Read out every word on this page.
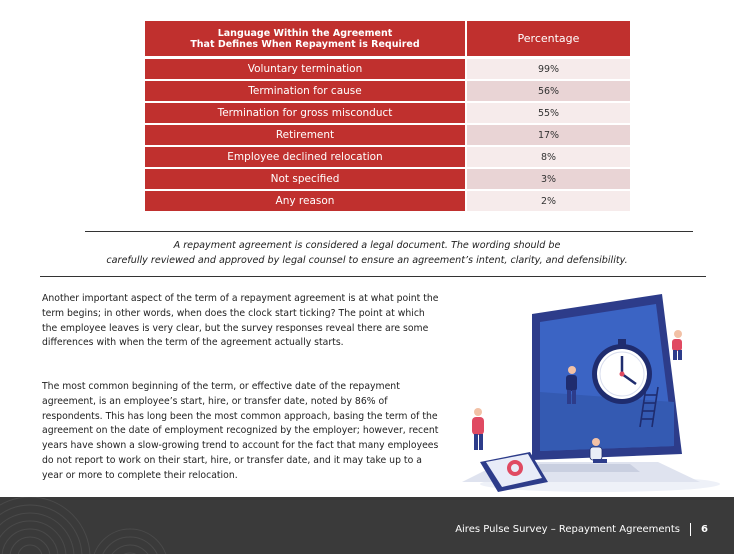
Language Within the Agreement
That Defines When Repayment is Required	Percentage
Voluntary termination	99%
Termination for cause	56%
Termination for gross misconduct	55%
Retirement	17%
Employee declined relocation	8%
Not specified	3%
Any reason	2%
A repayment agreement is considered a legal document. The wording should be
carefully reviewed and approved by legal counsel to ensure an agreement’s intent, clarity, and defensibility.
Another important aspect of the term of a repayment agreement is at what point the term begins; in other words, when does the clock start ticking? The point at which the employee leaves is very clear, but the survey responses reveal there are some differences with when the term of the agreement actually starts.
The most common beginning of the term, or effective date of the repayment agreement, is an employee’s start, hire, or transfer date, noted by 86% of respondents. This has long been the most common approach, basing the term of the agreement on the date of employment recognized by the employer; however, recent years have shown a slow-growing trend to account for the fact that many employees do not report to work on their start, hire, or transfer date, and it may take up to a year or more to complete their relocation.
Aires Pulse Survey – Repayment Agreements 6
